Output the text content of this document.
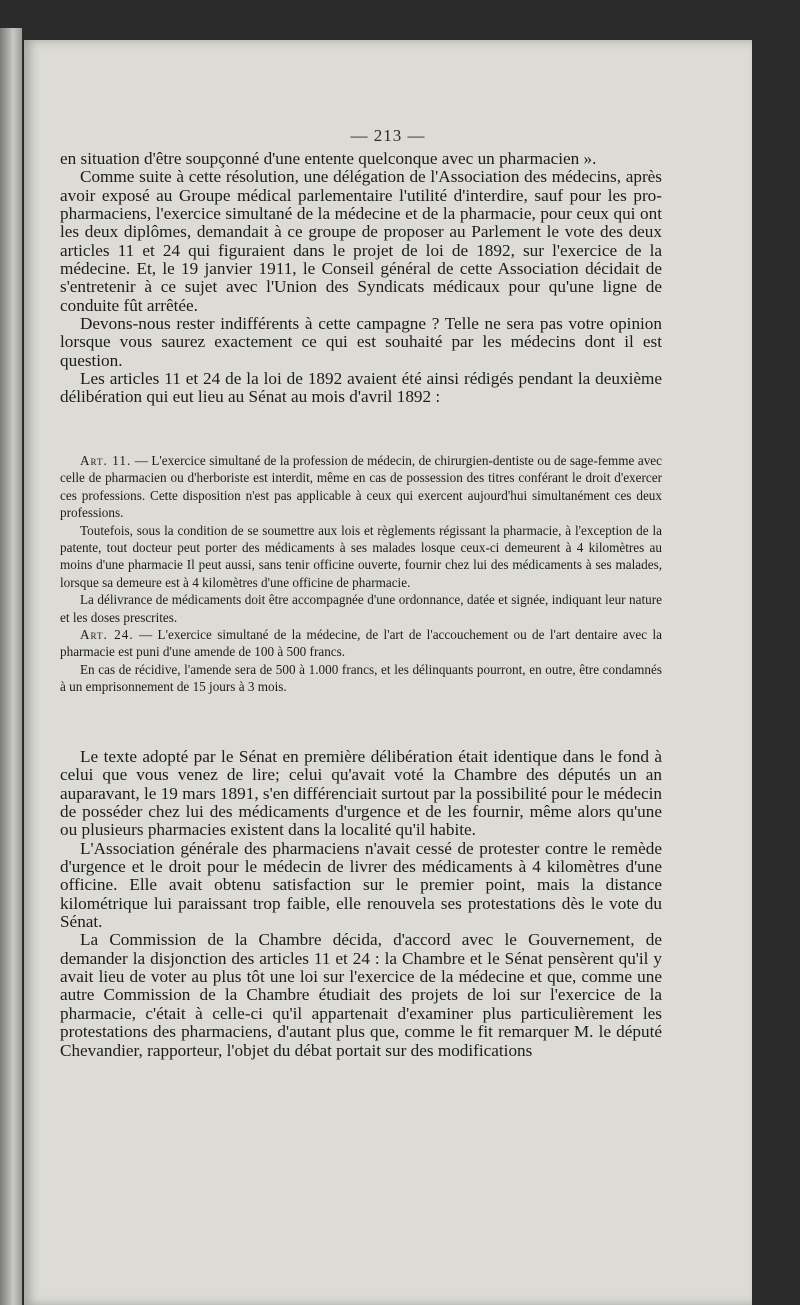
— 213 —

en situation d'être soupçonné d'une entente quelconque avec un pharmacien ».

Comme suite à cette résolution, une délégation de l'Association des médecins, après avoir exposé au Groupe médical parlementaire l'utilité d'interdire, sauf pour les pro-pharmaciens, l'exercice simultané de la médecine et de la pharmacie, pour ceux qui ont les deux diplômes, demandait à ce groupe de proposer au Parlement le vote des deux articles 11 et 24 qui figuraient dans le projet de loi de 1892, sur l'exercice de la médecine. Et, le 19 janvier 1911, le Conseil général de cette Association décidait de s'entretenir à ce sujet avec l'Union des Syndicats médicaux pour qu'une ligne de conduite fût arrêtée.

Devons-nous rester indifférents à cette campagne ? Telle ne sera pas votre opinion lorsque vous saurez exactement ce qui est souhaité par les médecins dont il est question.

Les articles 11 et 24 de la loi de 1892 avaient été ainsi rédigés pendant la deuxième délibération qui eut lieu au Sénat au mois d'avril 1892 :

Art. 11. — L'exercice simultané de la profession de médecin, de chirurgien-dentiste ou de sage-femme avec celle de pharmacien ou d'herboriste est interdit, même en cas de possession des titres conférant le droit d'exercer ces professions. Cette disposition n'est pas applicable à ceux qui exercent aujourd'hui simultanément ces deux professions.

Toutefois, sous la condition de se soumettre aux lois et règlements régissant la pharmacie, à l'exception de la patente, tout docteur peut porter des médicaments à ses malades losque ceux-ci demeurent à 4 kilomètres au moins d'une pharmacie Il peut aussi, sans tenir officine ouverte, fournir chez lui des médicaments à ses malades, lorsque sa demeure est à 4 kilomètres d'une officine de pharmacie.

La délivrance de médicaments doit être accompagnée d'une ordonnance, datée et signée, indiquant leur nature et les doses prescrites.

Art. 24. — L'exercice simultané de la médecine, de l'art de l'accouchement ou de l'art dentaire avec la pharmacie est puni d'une amende de 100 à 500 francs.

En cas de récidive, l'amende sera de 500 à 1.000 francs, et les délinquants pourront, en outre, être condamnés à un emprisonnement de 15 jours à 3 mois.

Le texte adopté par le Sénat en première délibération était identique dans le fond à celui que vous venez de lire; celui qu'avait voté la Chambre des députés un an auparavant, le 19 mars 1891, s'en différenciait surtout par la possibilité pour le médecin de posséder chez lui des médicaments d'urgence et de les fournir, même alors qu'une ou plusieurs pharmacies existent dans la localité qu'il habite.

L'Association générale des pharmaciens n'avait cessé de protester contre le remède d'urgence et le droit pour le médecin de livrer des médicaments à 4 kilomètres d'une officine. Elle avait obtenu satisfaction sur le premier point, mais la distance kilométrique lui paraissant trop faible, elle renouvela ses protestations dès le vote du Sénat.

La Commission de la Chambre décida, d'accord avec le Gouvernement, de demander la disjonction des articles 11 et 24 : la Chambre et le Sénat pensèrent qu'il y avait lieu de voter au plus tôt une loi sur l'exercice de la médecine et que, comme une autre Commission de la Chambre étudiait des projets de loi sur l'exercice de la pharmacie, c'était à celle-ci qu'il appartenait d'examiner plus particulièrement les protestations des pharmaciens, d'autant plus que, comme le fit remarquer M. le député Chevandier, rapporteur, l'objet du débat portait sur des modifications
